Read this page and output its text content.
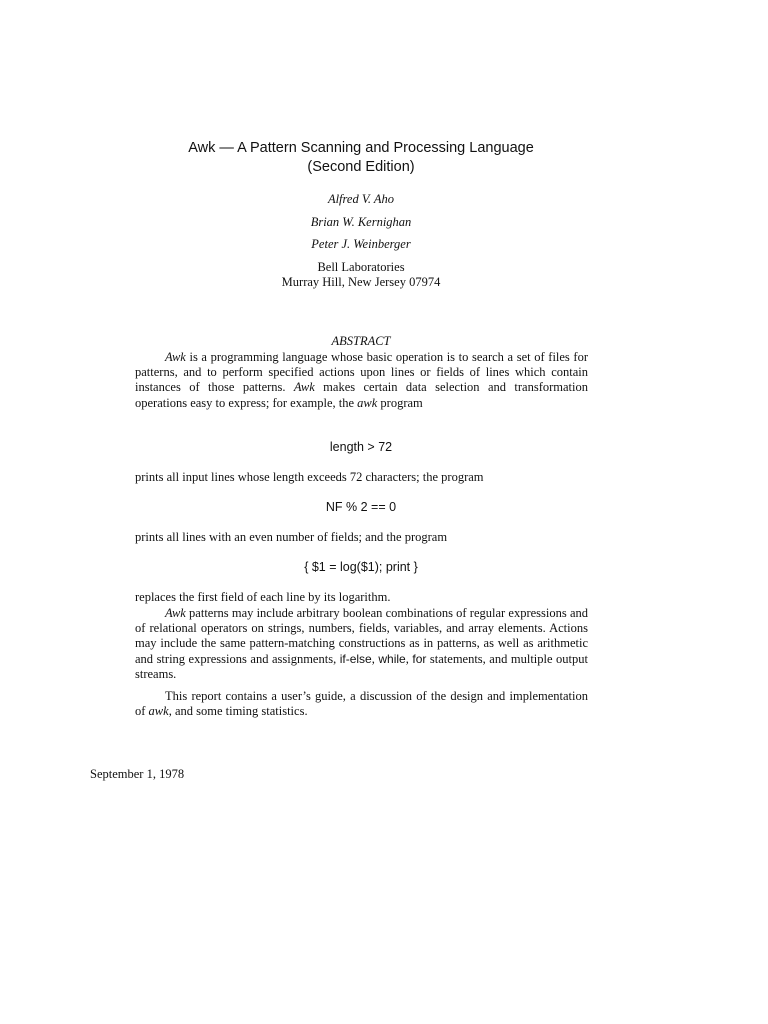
Awk — A Pattern Scanning and Processing Language
(Second Edition)
Alfred V. Aho
Brian W. Kernighan
Peter J. Weinberger
Bell Laboratories
Murray Hill, New Jersey 07974
ABSTRACT

Awk is a programming language whose basic operation is to search a set of files for patterns, and to perform specified actions upon lines or fields of lines which contain instances of those patterns. Awk makes certain data selection and transformation operations easy to express; for example, the awk program

length > 72
prints all input lines whose length exceeds 72 characters; the program
NF % 2 == 0
prints all lines with an even number of fields; and the program
{ $1 = log($1); print }
replaces the first field of each line by its logarithm.

Awk patterns may include arbitrary boolean combinations of regular expressions and of relational operators on strings, numbers, fields, variables, and array elements. Actions may include the same pattern-matching constructions as in patterns, as well as arithmetic and string expressions and assignments, if-else, while, for statements, and multiple output streams.

This report contains a user’s guide, a discussion of the design and implementation of awk, and some timing statistics.

September 1, 1978
